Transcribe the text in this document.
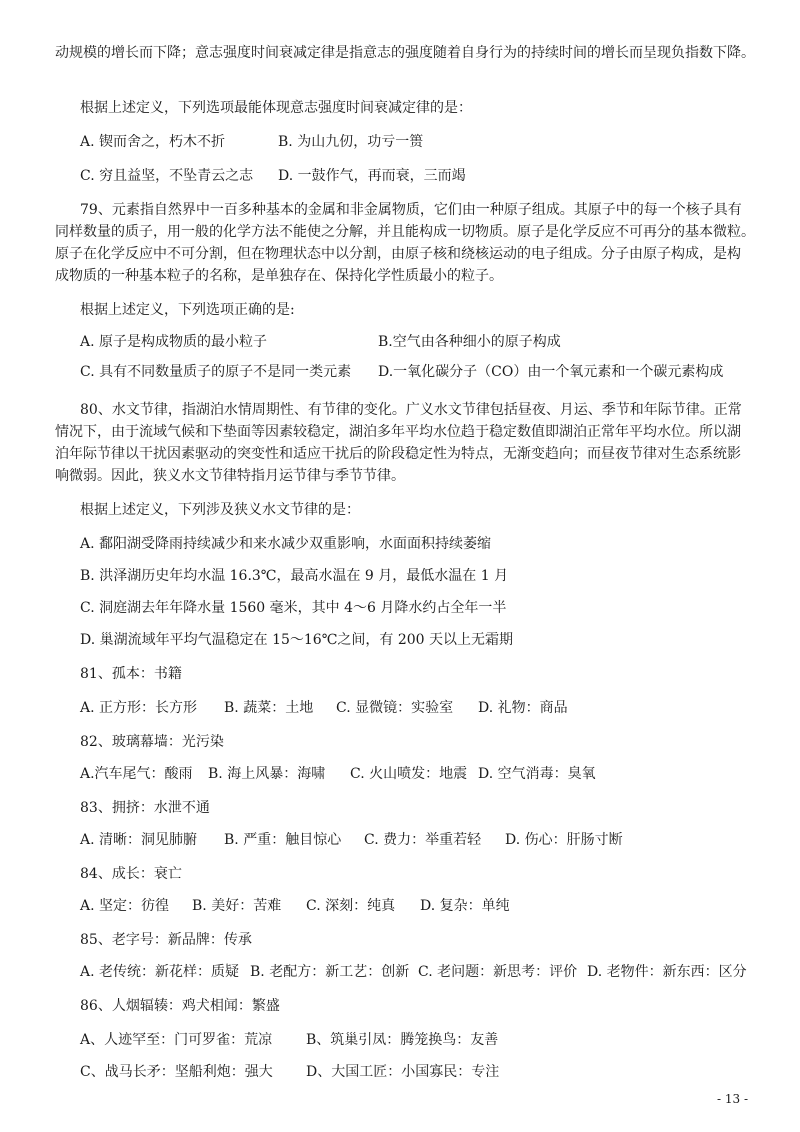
动规模的增长而下降；意志强度时间衰减定律是指意志的强度随着自身行为的持续时间的增长而呈现负指数下降。
根据上述定义，下列选项最能体现意志强度时间衰减定律的是：
A. 锲而舍之，朽木不折	B. 为山九仞，功亏一篑
C. 穷且益坚，不坠青云之志 D. 一鼓作气，再而衰，三而竭
79、元素指自然界中一百多种基本的金属和非金属物质，它们由一种原子组成。其原子中的每一个核子具有
同样数量的质子，用一般的化学方法不能使之分解，并且能构成一切物质。原子是化学反应不可再分的基本微粒。
原子在化学反应中不可分割，但在物理状态中以分割，由原子核和绕核运动的电子组成。分子由原子构成，是构
成物质的一种基本粒子的名称，是单独存在、保持化学性质最小的粒子。
根据上述定义，下列选项正确的是:
A. 原子是构成物质的最小粒子	B.空气由各种细小的原子构成
C. 具有不同数量质子的原子不是同一类元素 D.一氧化碳分子（CO）由一个氧元素和一个碳元素构成
80、水文节律，指湖泊水情周期性、有节律的变化。广义水文节律包括昼夜、月运、季节和年际节律。正常
情况下，由于流域气候和下垫面等因素较稳定，湖泊多年平均水位趋于稳定数值即湖泊正常年平均水位。所以湖
泊年际节律以干扰因素驱动的突变性和适应干扰后的阶段稳定性为特点，无渐变趋向；而昼夜节律对生态系统影
响微弱。因此，狭义水文节律特指月运节律与季节节律。
根据上述定义，下列涉及狭义水文节律的是：
A. 鄱阳湖受降雨持续减少和来水减少双重影响，水面面积持续萎缩
B. 洪泽湖历史年均水温 16.3℃，最高水温在 9 月，最低水温在 1 月
C. 洞庭湖去年年降水量 1560 毫米，其中 4～6 月降水约占全年一半
D. 巢湖流域年平均气温稳定在 15～16℃之间，有 200 天以上无霜期
81、孤本：书籍
A. 正方形：长方形 B. 蔬菜：土地 C. 显微镜：实验室 D. 礼物：商品
82、玻璃幕墙：光污染
A.汽车尾气：酸雨 B. 海上风暴：海啸 C. 火山喷发：地震 D. 空气消毒：臭氧
83、拥挤：水泄不通
A. 清晰：洞见肺腑 B. 严重：触目惊心 C. 费力：举重若轻 D. 伤心：肝肠寸断
84、成长：衰亡
A. 坚定：彷徨 B. 美好：苦难 C. 深刻：纯真 D. 复杂：单纯
85、老字号：新品牌：传承
A. 老传统：新花样：质疑 B. 老配方：新工艺：创新 C. 老问题：新思考：评价 D. 老物件：新东西：区分
86、人烟辐辏：鸡犬相闻：繁盛
A、人迹罕至：门可罗雀：荒凉 B、筑巢引凤：腾笼换鸟：友善
C、战马长矛：坚船利炮：强大 D、大国工匠：小国寡民：专注
- 13 -
